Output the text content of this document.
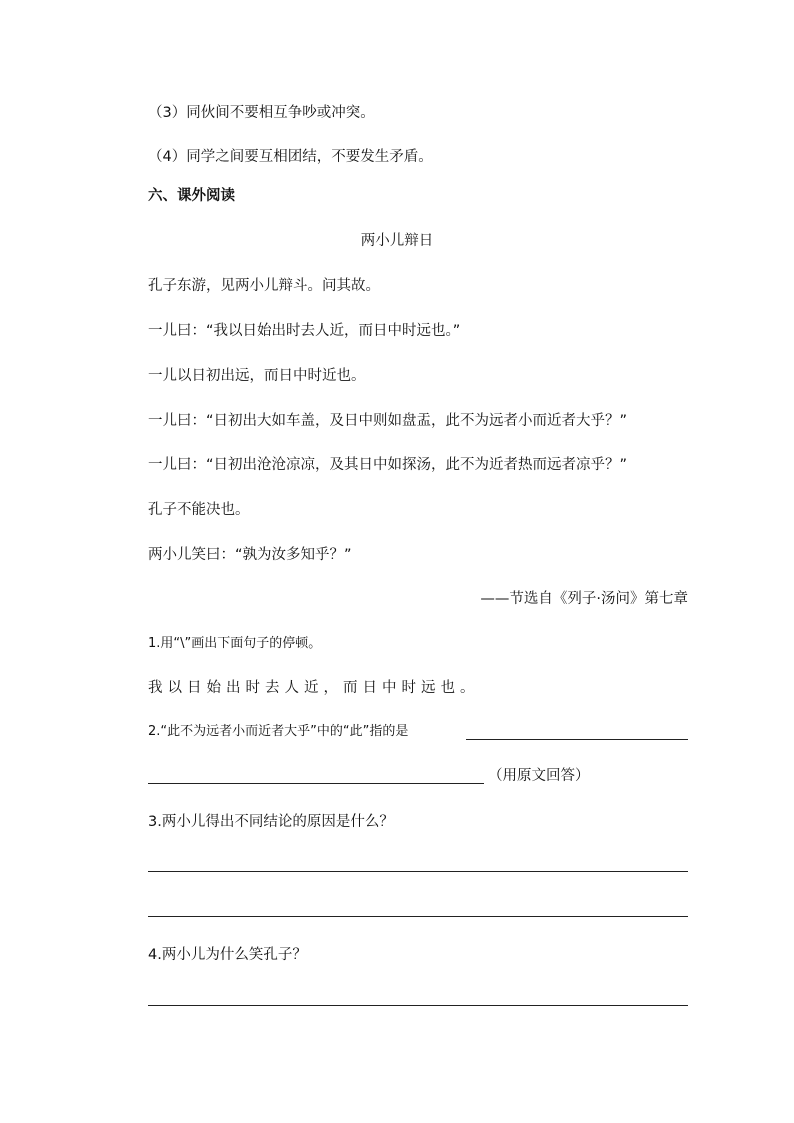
（3）同伙间不要相互争吵或冲突。
（4）同学之间要互相团结，不要发生矛盾。
六、课外阅读
两小儿辩日
孔子东游，见两小儿辩斗。问其故。
一儿曰：“我以日始出时去人近，而日中时远也。”
一儿以日初出远，而日中时近也。
一儿曰：“日初出大如车盖，及日中则如盘盂，此不为远者小而近者大乎？”
一儿曰：“日初出沧沧凉凉，及其日中如探汤，此不为近者热而远者凉乎？”
孔子不能决也。
两小儿笑曰：“孰为汝多知乎？”
——节选自《列子·汤问》第七章
1.用“\”画出下面句子的停顿。
我以日始出时去人近，而日中时远也。
2.“此不为远者小而近者大乎”中的“此”指的是
（用原文回答）
3.两小儿得出不同结论的原因是什么？
4.两小儿为什么笑孔子？
